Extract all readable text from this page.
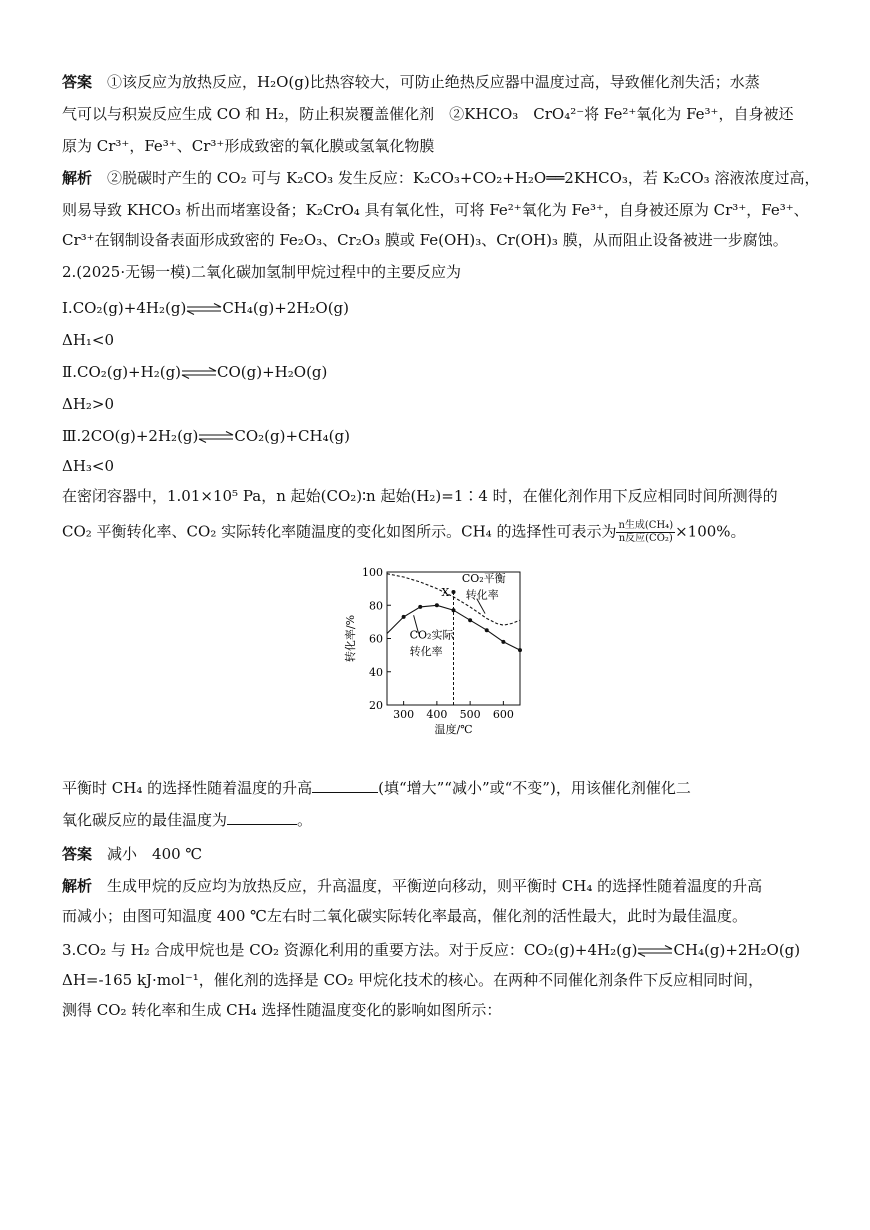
答案　 ①该反应为放热反应，H₂O(g)比热容较大，可防止绝热反应器中温度过高，导致催化剂失活；水蒸
气可以与积炭反应生成 CO 和 H₂，防止积炭覆盖催化剂　②KHCO₃　CrO₄²⁻将 Fe²⁺氧化为 Fe³⁺，自身被还
原为 Cr³⁺，Fe³⁺、Cr³⁺形成致密的氧化膜或氢氧化物膜
解析　 ②脱碳时产生的 CO₂ 可与 K₂CO₃ 发生反应：K₂CO₃+CO₂+H₂O══2KHCO₃，若 K₂CO₃ 溶液浓度过高，
则易导致 KHCO₃ 析出而堵塞设备；K₂CrO₄ 具有氧化性，可将 Fe²⁺氧化为 Fe³⁺，自身被还原为 Cr³⁺，Fe³⁺、
Cr³⁺在钢制设备表面形成致密的 Fe₂O₃、Cr₂O₃ 膜或 Fe(OH)₃、Cr(OH)₃ 膜，从而阻止设备被进一步腐蚀。
2.(2025·无锡一模)二氧化碳加氢制甲烷过程中的主要反应为
Ⅰ.CO₂(g)+4H₂(g)⇌CH₄(g)+2H₂O(g)
ΔH₁<0
Ⅱ.CO₂(g)+H₂(g)⇌CO(g)+H₂O(g)
ΔH₂>0
Ⅲ.2CO(g)+2H₂(g)⇌CO₂(g)+CH₄(g)
ΔH₃<0
在密闭容器中，1.01×10⁵ Pa，n 起始(CO₂)∶n 起始(H₂)=1∶4 时，在催化剂作用下反应相同时间所测得的
CO₂ 平衡转化率、CO₂ 实际转化率随温度的变化如图所示。CH₄ 的选择性可表示为 $\frac{\text{n生成(CH₄)}}{\text{n反应(CO₂)}} \times 100\%$。
20
40
60
80
100
300 400 500 600
转化率/%
温度/℃
CO₂平衡
转化率
CO₂实际
转化率
X
平衡时 CH₄ 的选择性随着温度的升高	(填“增大”“减小”或“不变”)，用该催化剂催化二
氧化碳反应的最佳温度为	。
答案　 减小　400 ℃
解析　 生成甲烷的反应均为放热反应，升高温度，平衡逆向移动，则平衡时 CH₄ 的选择性随着温度的升高
而减小；由图可知温度 400 ℃左右时二氧化碳实际转化率最高，催化剂的活性最大，此时为最佳温度。
3.CO₂ 与 H₂ 合成甲烷也是 CO₂ 资源化利用的重要方法。对于反应：CO₂(g)+4H₂(g)⇌CH₄(g)+2H₂O(g)
ΔH=-165 kJ·mol⁻¹，催化剂的选择是 CO₂ 甲烷化技术的核心。在两种不同催化剂条件下反应相同时间，
测得 CO₂ 转化率和生成 CH₄ 选择性随温度变化的影响如图所示：
